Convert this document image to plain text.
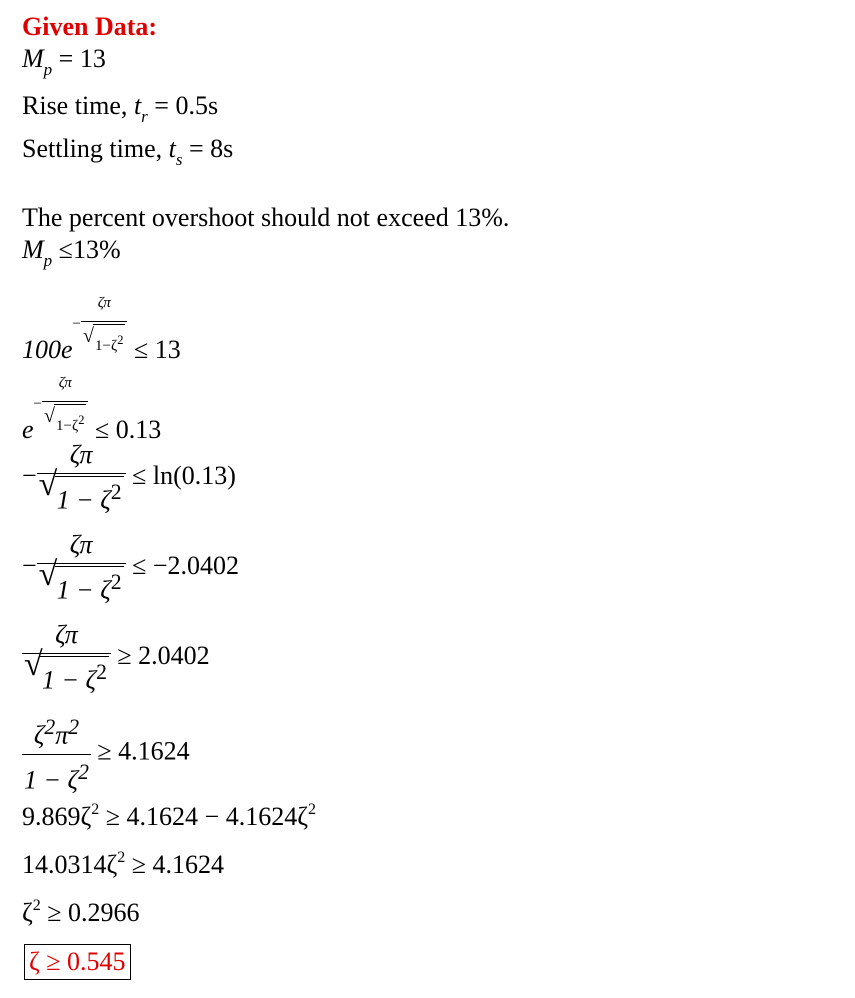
Given Data:
$M_p = 13$
Rise time, $t_r = 0.5s$
Settling time, $t_s = 8s$
The percent overshoot should not exceed 13%.
$M_p \le 13\%$
$100e- \frac{\zeta\pi}{√ 1-\zeta^2} \le 13$
$e- \frac{\zeta\pi}{√ 1-\zeta^2} \le 0.13$
− $\frac{\zeta\pi}{√ 1 - \zeta^2} \le \ln(0.13)$
− $\frac{\zeta\pi}{√ 1 - \zeta^2} \le -2.0402$
$\frac{\zeta\pi}{√ 1 - \zeta^2} \ge 2.0402$
$\frac{\zeta^2\pi^2}{1 - \zeta^2} \ge 4.1624$
$9.869\zeta^2 \ge 4.1624 - 4.1624\zeta^2$
$14.0314\zeta^2 \ge 4.1624$
$\zeta^2 \ge 0.2966$
ζ ≥ 0.545
